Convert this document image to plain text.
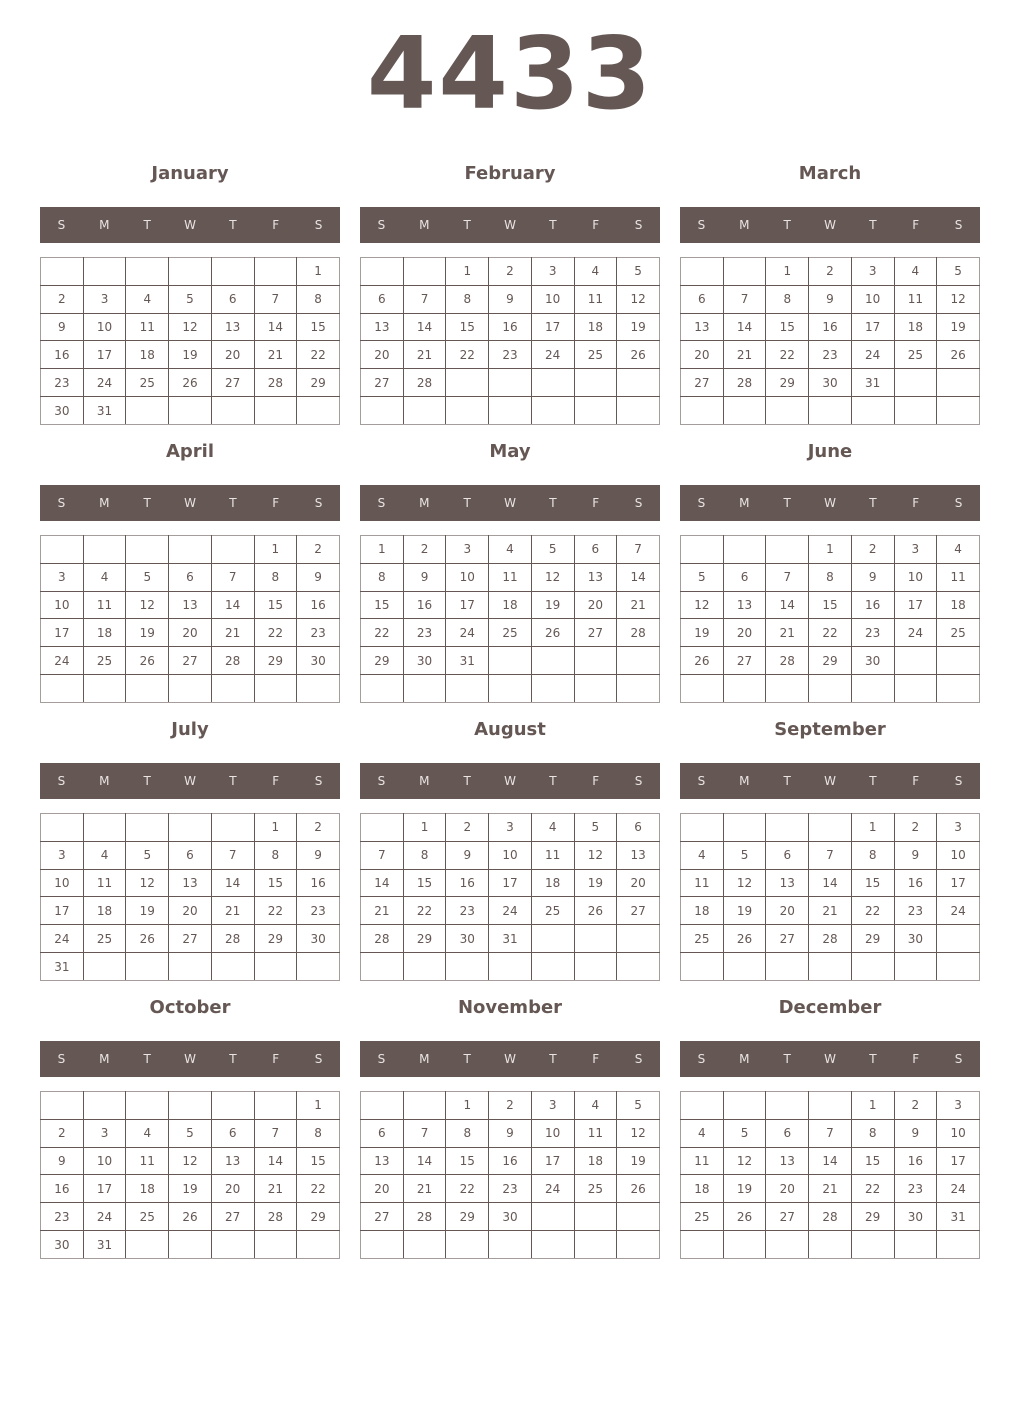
4433
January
S	M	T	W	T	F	S
						1
2	3	4	5	6	7	8
9	10	11	12	13	14	15
16	17	18	19	20	21	22
23	24	25	26	27	28	29
30	31					
February
S	M	T	W	T	F	S
		1	2	3	4	5
6	7	8	9	10	11	12
13	14	15	16	17	18	19
20	21	22	23	24	25	26
27	28					

March
S	M	T	W	T	F	S
		1	2	3	4	5
6	7	8	9	10	11	12
13	14	15	16	17	18	19
20	21	22	23	24	25	26
27	28	29	30	31		

April
S	M	T	W	T	F	S
					1	2
3	4	5	6	7	8	9
10	11	12	13	14	15	16
17	18	19	20	21	22	23
24	25	26	27	28	29	30

May
S	M	T	W	T	F	S
1	2	3	4	5	6	7
8	9	10	11	12	13	14
15	16	17	18	19	20	21
22	23	24	25	26	27	28
29	30	31				

June
S	M	T	W	T	F	S
			1	2	3	4
5	6	7	8	9	10	11
12	13	14	15	16	17	18
19	20	21	22	23	24	25
26	27	28	29	30		

July
S	M	T	W	T	F	S
					1	2
3	4	5	6	7	8	9
10	11	12	13	14	15	16
17	18	19	20	21	22	23
24	25	26	27	28	29	30
31						
August
S	M	T	W	T	F	S
	1	2	3	4	5	6
7	8	9	10	11	12	13
14	15	16	17	18	19	20
21	22	23	24	25	26	27
28	29	30	31			

September
S	M	T	W	T	F	S
				1	2	3
4	5	6	7	8	9	10
11	12	13	14	15	16	17
18	19	20	21	22	23	24
25	26	27	28	29	30	

October
S	M	T	W	T	F	S
						1
2	3	4	5	6	7	8
9	10	11	12	13	14	15
16	17	18	19	20	21	22
23	24	25	26	27	28	29
30	31					
November
S	M	T	W	T	F	S
		1	2	3	4	5
6	7	8	9	10	11	12
13	14	15	16	17	18	19
20	21	22	23	24	25	26
27	28	29	30			

December
S	M	T	W	T	F	S
				1	2	3
4	5	6	7	8	9	10
11	12	13	14	15	16	17
18	19	20	21	22	23	24
25	26	27	28	29	30	31
